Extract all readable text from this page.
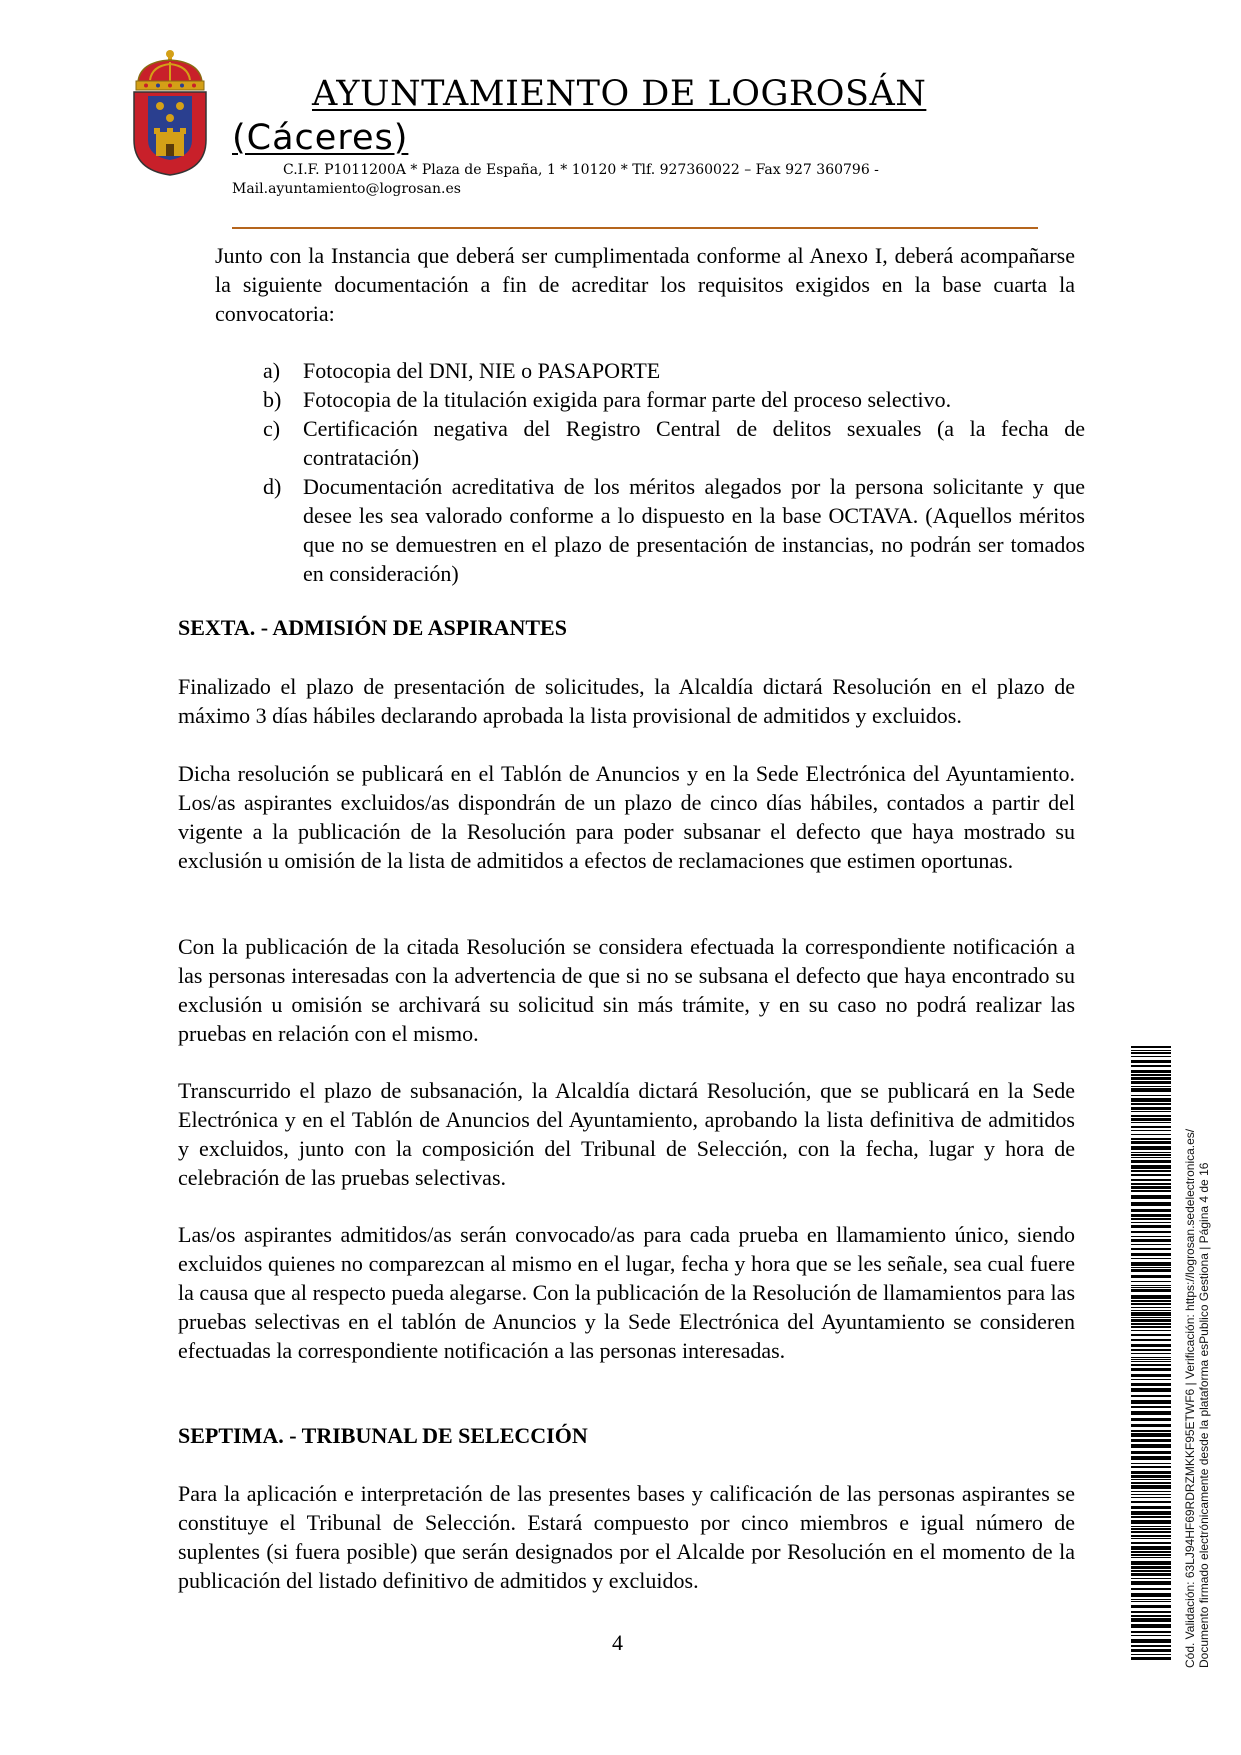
AYUNTAMIENTO DE LOGROSÁN
(Cáceres)
C.I.F. P1011200A * Plaza de España, 1 * 10120 * Tlf. 927360022 – Fax 927 360796 -
Mail.ayuntamiento@logrosan.es

Junto con la Instancia que deberá ser cumplimentada conforme al Anexo I, deberá acompañarse la siguiente documentación a fin de acreditar los requisitos exigidos en la base cuarta la convocatoria:

a) Fotocopia del DNI, NIE o PASAPORTE
b) Fotocopia de la titulación exigida para formar parte del proceso selectivo.
c) Certificación negativa del Registro Central de delitos sexuales (a la fecha de contratación)
d) Documentación acreditativa de los méritos alegados por la persona solicitante y que desee les sea valorado conforme a lo dispuesto en la base OCTAVA. (Aquellos méritos que no se demuestren en el plazo de presentación de instancias, no podrán ser tomados en consideración)
SEXTA. - ADMISIÓN DE ASPIRANTES

Finalizado el plazo de presentación de solicitudes, la Alcaldía dictará Resolución en el plazo de máximo 3 días hábiles declarando aprobada la lista provisional de admitidos y excluidos.

Dicha resolución se publicará en el Tablón de Anuncios y en la Sede Electrónica del Ayuntamiento. Los/as aspirantes excluidos/as dispondrán de un plazo de cinco días hábiles, contados a partir del vigente a la publicación de la Resolución para poder subsanar el defecto que haya mostrado su exclusión u omisión de la lista de admitidos a efectos de reclamaciones que estimen oportunas.

Con la publicación de la citada Resolución se considera efectuada la correspondiente notificación a las personas interesadas con la advertencia de que si no se subsana el defecto que haya encontrado su exclusión u omisión se archivará su solicitud sin más trámite, y en su caso no podrá realizar las pruebas en relación con el mismo.

Transcurrido el plazo de subsanación, la Alcaldía dictará Resolución, que se publicará en la Sede Electrónica y en el Tablón de Anuncios del Ayuntamiento, aprobando la lista definitiva de admitidos y excluidos, junto con la composición del Tribunal de Selección, con la fecha, lugar y hora de celebración de las pruebas selectivas.

Las/os aspirantes admitidos/as serán convocado/as para cada prueba en llamamiento único, siendo excluidos quienes no comparezcan al mismo en el lugar, fecha y hora que se les señale, sea cual fuere la causa que al respecto pueda alegarse. Con la publicación de la Resolución de llamamientos para las pruebas selectivas en el tablón de Anuncios y la Sede Electrónica del Ayuntamiento se consideren efectuadas la correspondiente notificación a las personas interesadas.

SEPTIMA. - TRIBUNAL DE SELECCIÓN

Para la aplicación e interpretación de las presentes bases y calificación de las personas aspirantes se constituye el Tribunal de Selección. Estará compuesto por cinco miembros e igual número de suplentes (si fuera posible) que serán designados por el Alcalde por Resolución en el momento de la publicación del listado definitivo de admitidos y excluidos.

4	Cód. Validación: 63LJ94HF69RDRZMKKF95ETWF6 | Verificación: https://logrosan.sedelectronica.es/ Documento firmado electrónicamente desde la plataforma esPublico Gestiona | Página 4 de 16
